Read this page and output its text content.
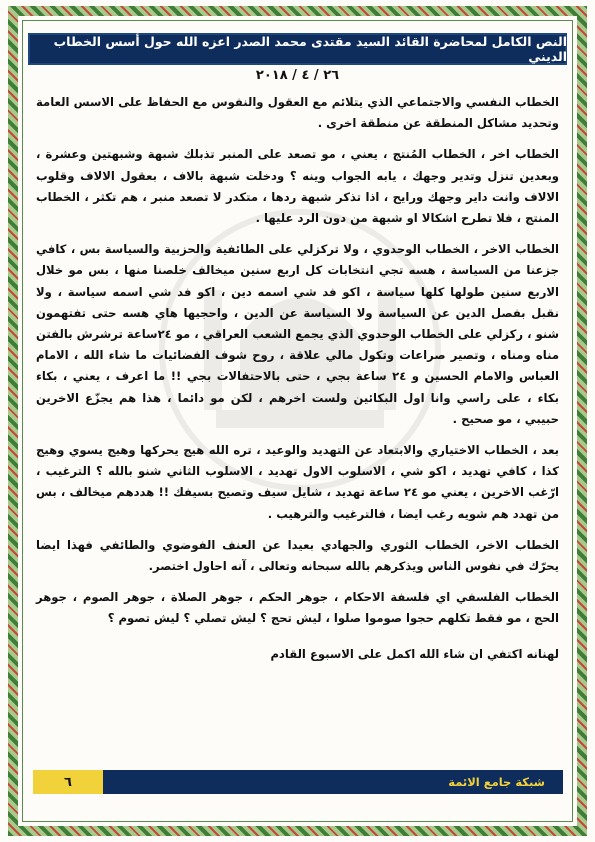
النص الكامل لمحاضرة القائد السيد مقتدى محمد الصدر اعزه الله حول أسس الخطاب الديني
٢٦ / ٤ / ٢٠١٨

الخطاب النفسي والاجتماعي الذي يتلائم مع العقول والنفوس مع الحفاظ على الاسس العامة وتحديد مشاكل المنطقة عن منطقة اخرى .

الخطاب اخر ، الخطاب المُنتج ، يعني ، مو تصعد على المنبر تذبلك شبهة وشبهتين وعشرة ، وبعدين تنزل وتدير وجهك ، يابه الجواب وينه ؟ ودخلت شبهة بالاف ، بعقول الالاف وقلوب الالاف وانت داير وجهك ورايح ، اذا تذكر شبهة ردها ، متكدر لا تصعد منبر ، هم تكثر ، الخطاب المنتج ، فلا تطرح اشكالا او شبهة من دون الرد عليها .

الخطاب الاخر ، الخطاب الوحدوي ، ولا تركزلي على الطائفية والحزبية والسياسة بس ، كافي جزعنا من السياسة ، هسه تجي انتخابات كل اربع سنين ميخالف خلصنا منها ، بس مو خلال الاربع سنين طولها كلها سياسة ، اكو فد شي اسمه دين ، اكو فد شي اسمه سياسة ، ولا نقبل بفصل الدين عن السياسة ولا السياسة عن الدين ، واحجيها هاي هسه حتى تفتهمون شنو ، ركزلي على الخطاب الوحدوي الذي يجمع الشعب العراقي ، مو ٢٤ساعة ترشرش بالفتن مناه ومناه ، وتصير صراعات وتكول مالي علاقة ، روح شوف الفضائيات ما شاء الله ، الامام العباس والامام الحسين و ٢٤ ساعة بجي ، حتى بالاحتفالات بجي !! ما اعرف ، يعني ، بكاء بكاء ، على راسي وانا اول البكائين ولست اخرهم ، لكن مو دائما ، هذا هم يجزّع الاخرين حبيبي ، مو صحيح .

بعد ، الخطاب الاختياري والابتعاد عن التهديد والوعيد ، تره الله هيج يحركها وهيج يسوي وهيج كذا ، كافي تهديد ، اكو شي ، الاسلوب الاول تهديد ، الاسلوب الثاني شنو بالله ؟ الترغيب ، ارّغب الاخرين ، يعني مو ٢٤ ساعة تهديد ، شايل سيف وتصيح بسيفك !! هددهم ميخالف ، بس من تهدد هم شويه رغب ايضا ، فالترغيب والترهيب .

الخطاب الاخر، الخطاب الثوري والجهادي بعيدا عن العنف الفوضوي والطائفي فهذا ايضا يحرّك في نفوس الناس ويذكرهم بالله سبحانه وتعالى ، آنه احاول اختصر.

الخطاب الفلسفي اي فلسفة الاحكام ، جوهر الحكم ، جوهر الصلاة ، جوهر الصوم ، جوهر الحج ، مو فقط تكلهم حجوا صوموا صلوا ، ليش تحج ؟ ليش تصلي ؟ ليش تصوم ؟

لهنانه اكتفي ان شاء الله اكمل على الاسبوع القادم

٦	شبكة جامع الائمة
